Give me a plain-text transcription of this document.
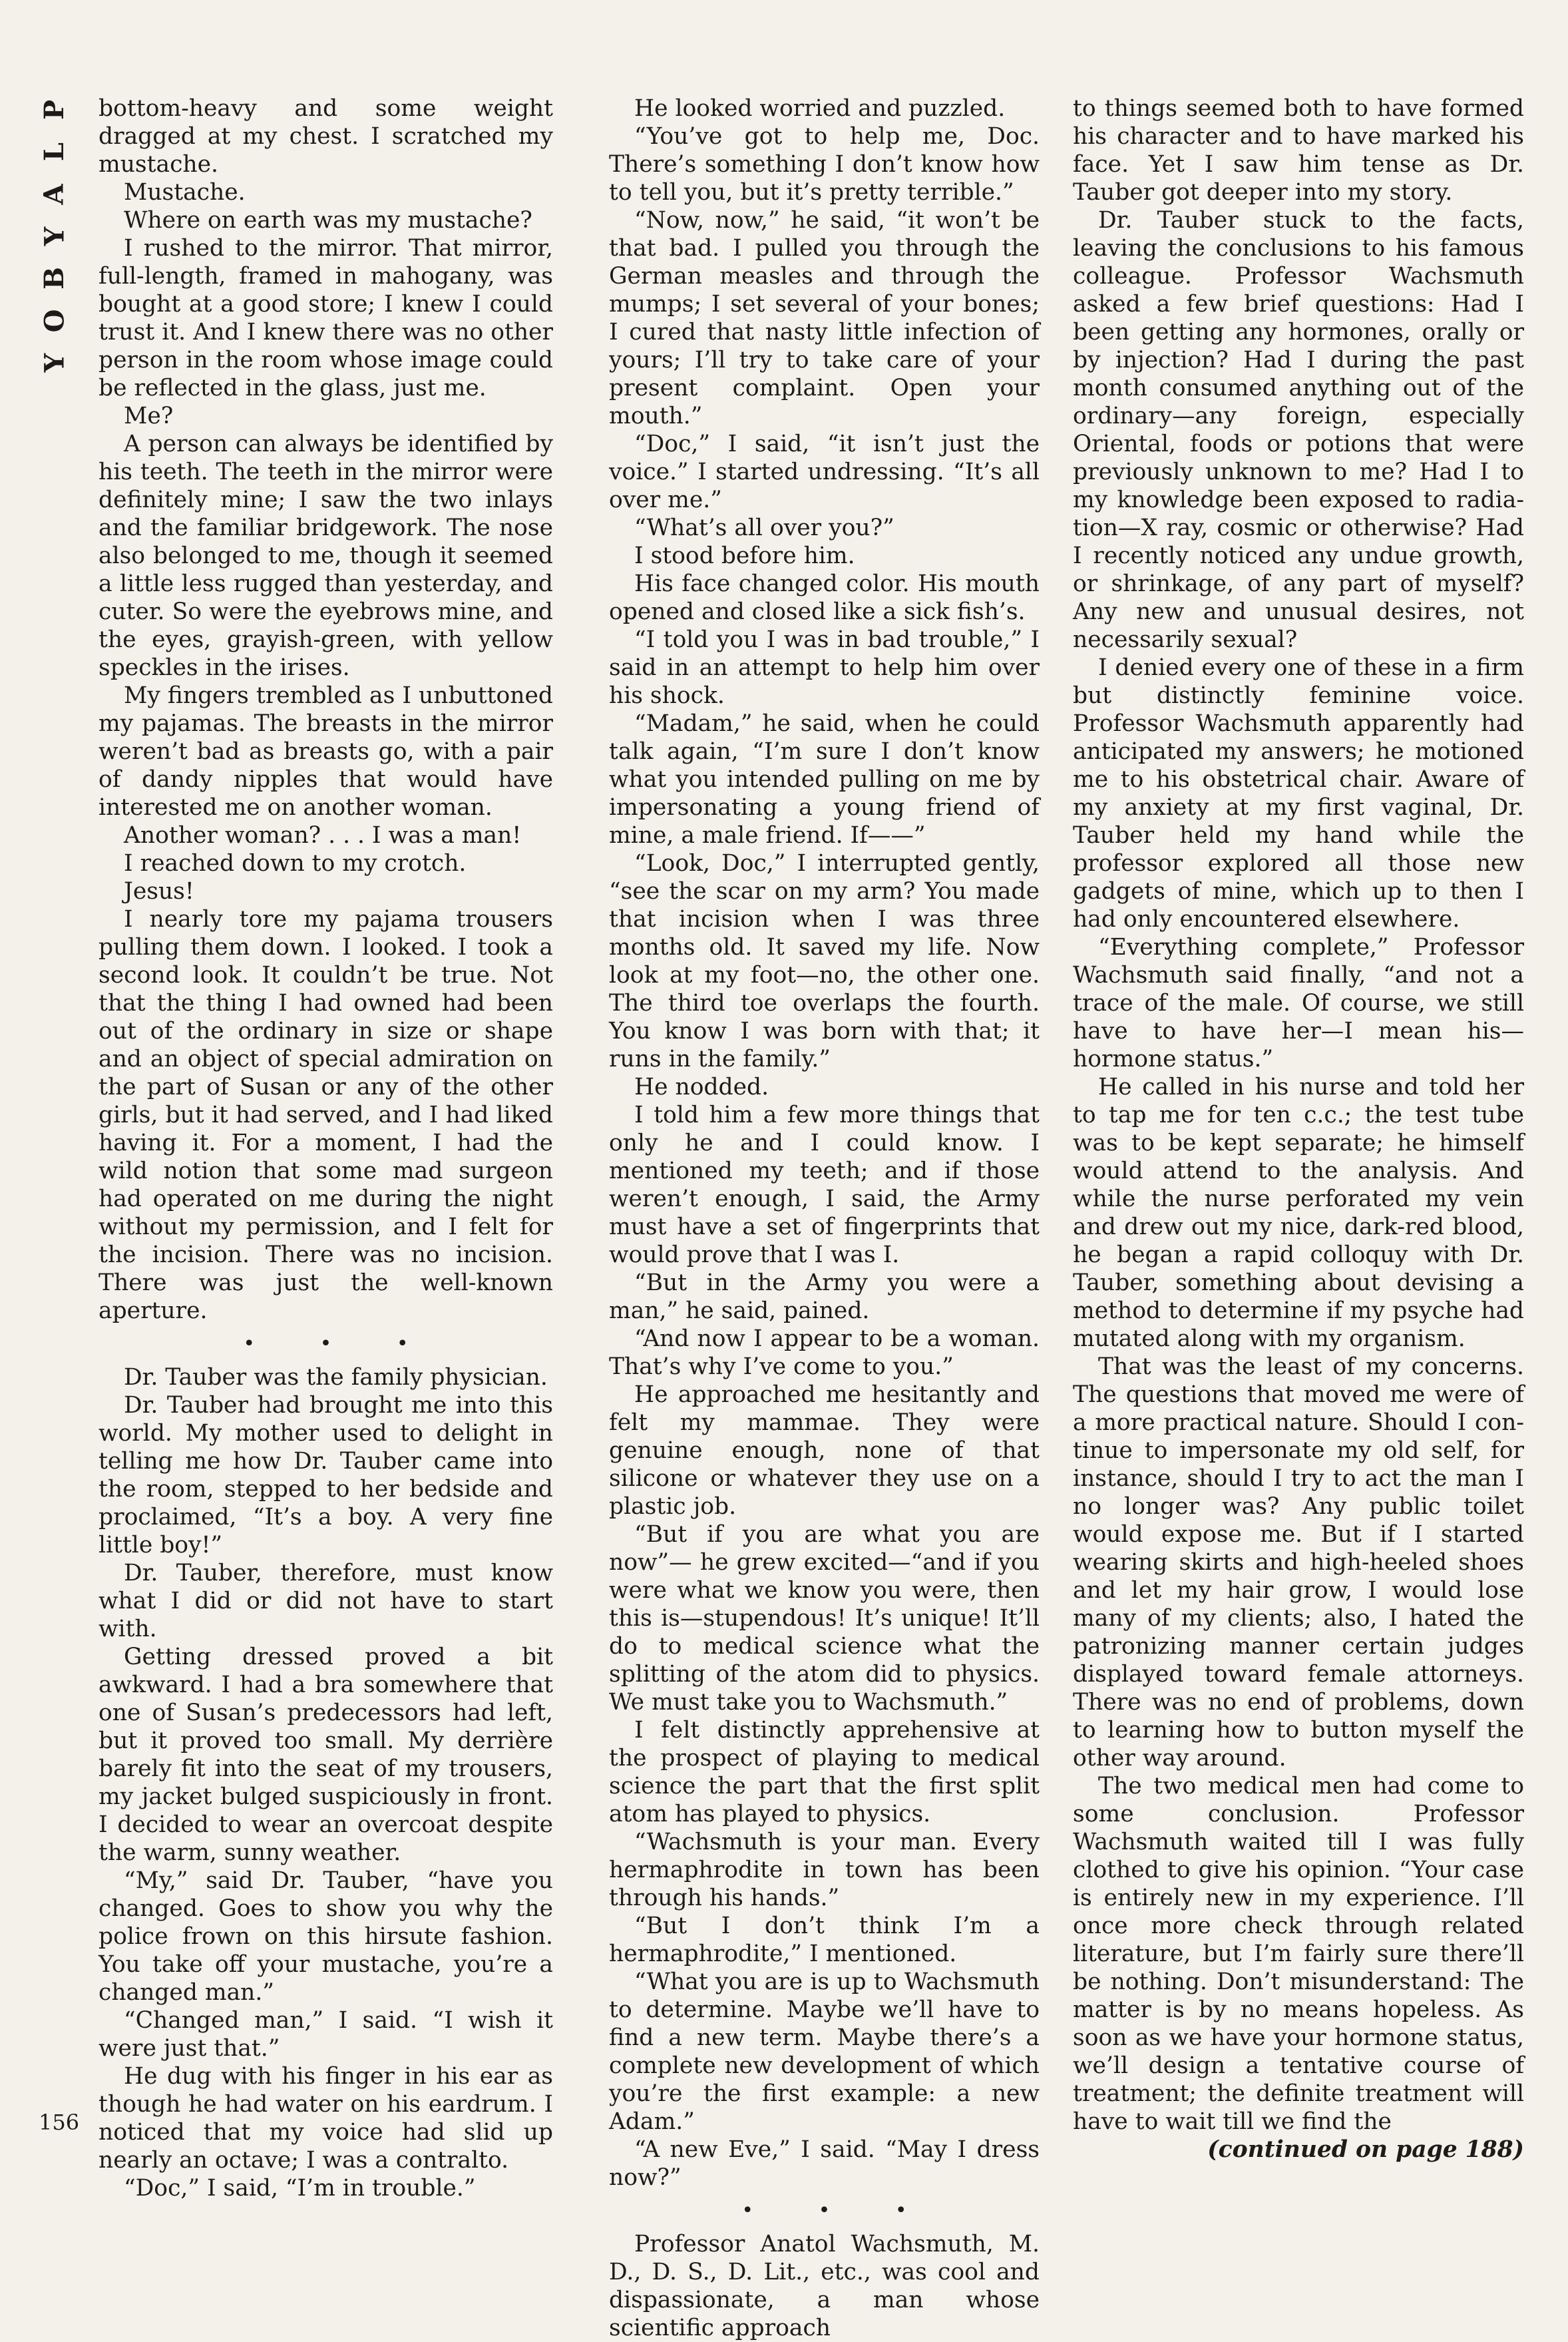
P
L
A
Y
B
O
Y

bottom-heavy and some weight dragged at my chest. I scratched my mustache.

Mustache.

Where on earth was my mustache?

I rushed to the mirror. That mirror, full-length, framed in mahogany, was bought at a good store; I knew I could trust it. And I knew there was no other person in the room whose image could be reflected in the glass, just me.

Me?

A person can always be identified by his teeth. The teeth in the mirror were definitely mine; I saw the two inlays and the familiar bridgework. The nose also belonged to me, though it seemed a little less rugged than yesterday, and cuter. So were the eyebrows mine, and the eyes, grayish-green, with yellow speckles in the irises.

My fingers trembled as I unbuttoned my pajamas. The breasts in the mirror weren’t bad as breasts go, with a pair of dandy nipples that would have interested me on another woman.

Another woman? . . . I was a man!

I reached down to my crotch.

Jesus!

I nearly tore my pajama trousers pulling them down. I looked. I took a second look. It couldn’t be true. Not that the thing I had owned had been out of the ordinary in size or shape and an object of special admiration on the part of Susan or any of the other girls, but it had served, and I had liked having it. For a moment, I had the wild notion that some mad surgeon had operated on me during the night without my permission, and I felt for the incision. There was no incision. There was just the well-known aperture.

• • •

Dr. Tauber was the family physician.

Dr. Tauber had brought me into this world. My mother used to delight in telling me how Dr. Tauber came into the room, stepped to her bedside and proclaimed, “It’s a boy. A very fine little boy!”

Dr. Tauber, therefore, must know what I did or did not have to start with.

Getting dressed proved a bit awkward. I had a bra somewhere that one of Susan’s predecessors had left, but it proved too small. My derrière barely fit into the seat of my trousers, my jacket bulged suspiciously in front. I decided to wear an overcoat despite the warm, sunny weather.

“My,” said Dr. Tauber, “have you changed. Goes to show you why the police frown on this hirsute fashion. You take off your mustache, you’re a changed man.”

“Changed man,” I said. “I wish it were just that.”

He dug with his finger in his ear as though he had water on his eardrum. I noticed that my voice had slid up nearly an octave; I was a contralto.

“Doc,” I said, “I’m in trouble.”

He looked worried and puzzled.

“You’ve got to help me, Doc. There’s something I don’t know how to tell you, but it’s pretty terrible.”

“Now, now,” he said, “it won’t be that bad. I pulled you through the German measles and through the mumps; I set several of your bones; I cured that nasty little infection of yours; I’ll try to take care of your present complaint. Open your mouth.”

“Doc,” I said, “it isn’t just the voice.” I started undressing. “It’s all over me.”

“What’s all over you?”

I stood before him.

His face changed color. His mouth opened and closed like a sick fish’s.

“I told you I was in bad trouble,” I said in an attempt to help him over his shock.

“Madam,” he said, when he could talk again, “I’m sure I don’t know what you intended pulling on me by impersonating a young friend of mine, a male friend. If——”

“Look, Doc,” I interrupted gently, “see the scar on my arm? You made that incision when I was three months old. It saved my life. Now look at my foot—no, the other one. The third toe overlaps the fourth. You know I was born with that; it runs in the family.”

He nodded.

I told him a few more things that only he and I could know. I mentioned my teeth; and if those weren’t enough, I said, the Army must have a set of fingerprints that would prove that I was I.

“But in the Army you were a man,” he said, pained.

“And now I appear to be a woman. That’s why I’ve come to you.”

He approached me hesitantly and felt my mammae. They were genuine enough, none of that silicone or whatever they use on a plastic job.

“But if you are what you are now”— he grew excited—“and if you were what we know you were, then this is—stupendous! It’s unique! It’ll do to medical science what the splitting of the atom did to physics. We must take you to Wachsmuth.”

I felt distinctly apprehensive at the prospect of playing to medical science the part that the first split atom has played to physics.

“Wachsmuth is your man. Every hermaphrodite in town has been through his hands.”

“But I don’t think I’m a hermaphrodite,” I mentioned.

“What you are is up to Wachsmuth to determine. Maybe we’ll have to find a new term. Maybe there’s a complete new development of which you’re the first example: a new Adam.”

“A new Eve,” I said. “May I dress now?”

• • •

Professor Anatol Wachsmuth, M. D., D. S., D. Lit., etc., was cool and dispassionate, a man whose scientific approach

to things seemed both to have formed his character and to have marked his face. Yet I saw him tense as Dr. Tauber got deeper into my story.

Dr. Tauber stuck to the facts, leaving the conclusions to his famous colleague. Professor Wachsmuth asked a few brief questions: Had I been getting any hormones, orally or by injection? Had I during the past month consumed anything out of the ordinary—any foreign, especially Oriental, foods or potions that were previously unknown to me? Had I to my knowledge been exposed to radiation—X ray, cosmic or otherwise? Had I recently noticed any undue growth, or shrinkage, of any part of myself? Any new and unusual desires, not necessarily sexual?

I denied every one of these in a firm but distinctly feminine voice. Professor Wachsmuth apparently had anticipated my answers; he motioned me to his obstetrical chair. Aware of my anxiety at my first vaginal, Dr. Tauber held my hand while the professor explored all those new gadgets of mine, which up to then I had only encountered elsewhere.

“Everything complete,” Professor Wachsmuth said finally, “and not a trace of the male. Of course, we still have to have her—I mean his—hormone status.”

He called in his nurse and told her to tap me for ten c.c.; the test tube was to be kept separate; he himself would attend to the analysis. And while the nurse perforated my vein and drew out my nice, dark-red blood, he began a rapid colloquy with Dr. Tauber, something about devising a method to determine if my psyche had mutated along with my organism.

That was the least of my concerns. The questions that moved me were of a more practical nature. Should I continue to impersonate my old self, for instance, should I try to act the man I no longer was? Any public toilet would expose me. But if I started wearing skirts and high-heeled shoes and let my hair grow, I would lose many of my clients; also, I hated the patronizing manner certain judges displayed toward female attorneys. There was no end of problems, down to learning how to button myself the other way around.

The two medical men had come to some conclusion. Professor Wachsmuth waited till I was fully clothed to give his opinion. “Your case is entirely new in my experience. I’ll once more check through related literature, but I’m fairly sure there’ll be nothing. Don’t misunderstand: The matter is by no means hopeless. As soon as we have your hormone status, we’ll design a tentative course of treatment; the definite treatment will have to wait till we find the

(continued on page 188)

156
